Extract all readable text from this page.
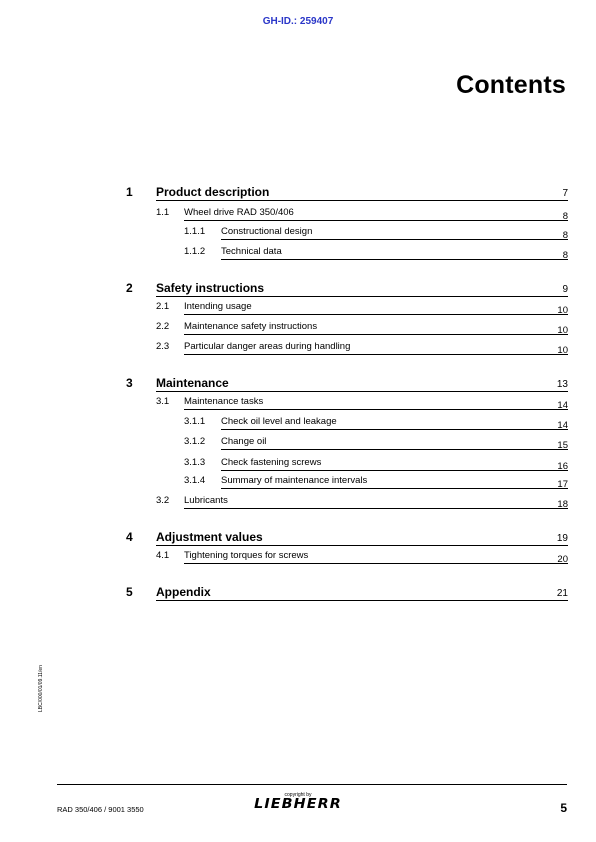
GH-ID.: 259407
Contents
1 Product description	7
1.1 Wheel drive RAD 350/406	8
1.1.1 Constructional design	8
1.1.2 Technical data	8
2 Safety instructions	9
2.1 Intending usage	10
2.2 Maintenance safety instructions	10
2.3 Particular danger areas during handling	10
3 Maintenance	13
3.1 Maintenance tasks	14
3.1.1 Check oil level and leakage	14
3.1.2 Change oil	15
3.1.3 Check fastening screws	16
3.1.4 Summary of maintenance intervals	17
3.2 Lubricants	18
4 Adjustment values	19
4.1 Tightening torques for screws	20
5 Appendix	21
LBC/000/01/09.11/en
RAD 350/406 / 9001 3550
copyright by
LIEBHERR	5
